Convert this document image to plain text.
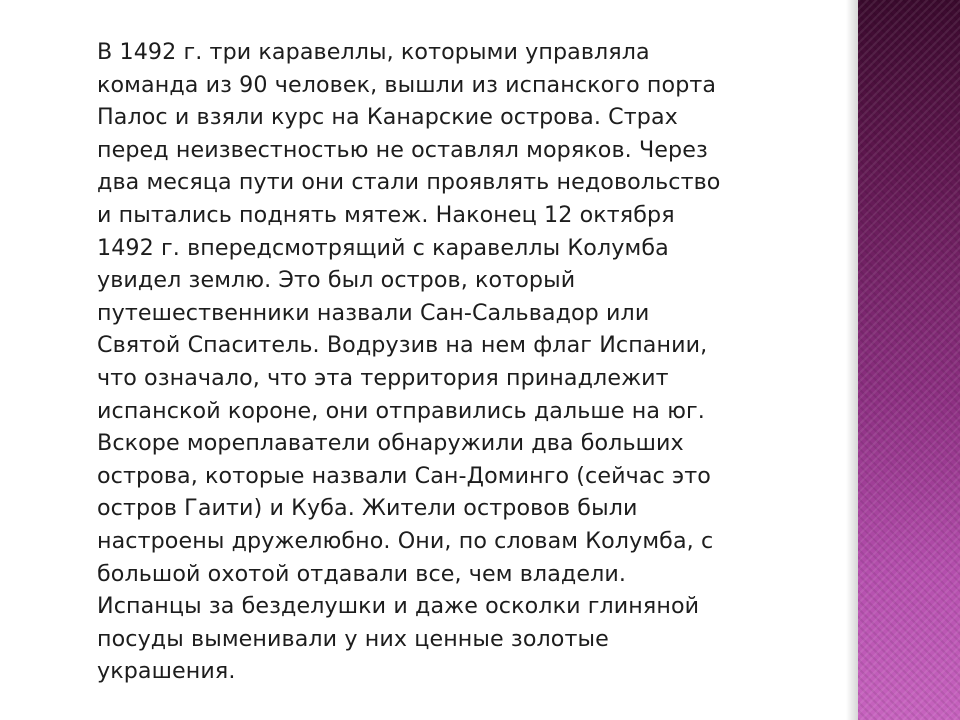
В 1492 г. три каравеллы, которыми управляла
команда из 90 человек, вышли из испанского порта
Палос и взяли курс на Канарские острова. Страх
перед неизвестностью не оставлял моряков. Через
два месяца пути они стали проявлять недовольство
и пытались поднять мятеж. Наконец 12 октября
1492 г. впередсмотрящий с каравеллы Колумба
увидел землю. Это был остров, который
путешественники назвали Сан-Сальвадор или
Святой Спаситель. Водрузив на нем флаг Испании,
что означало, что эта территория принадлежит
испанской короне, они отправились дальше на юг.
Вскоре мореплаватели обнаружили два больших
острова, которые назвали Сан-Доминго (сейчас это
остров Гаити) и Куба. Жители островов были
настроены дружелюбно. Они, по словам Колумба, с
большой охотой отдавали все, чем владели.
Испанцы за безделушки и даже осколки глиняной
посуды выменивали у них ценные золотые
украшения.
